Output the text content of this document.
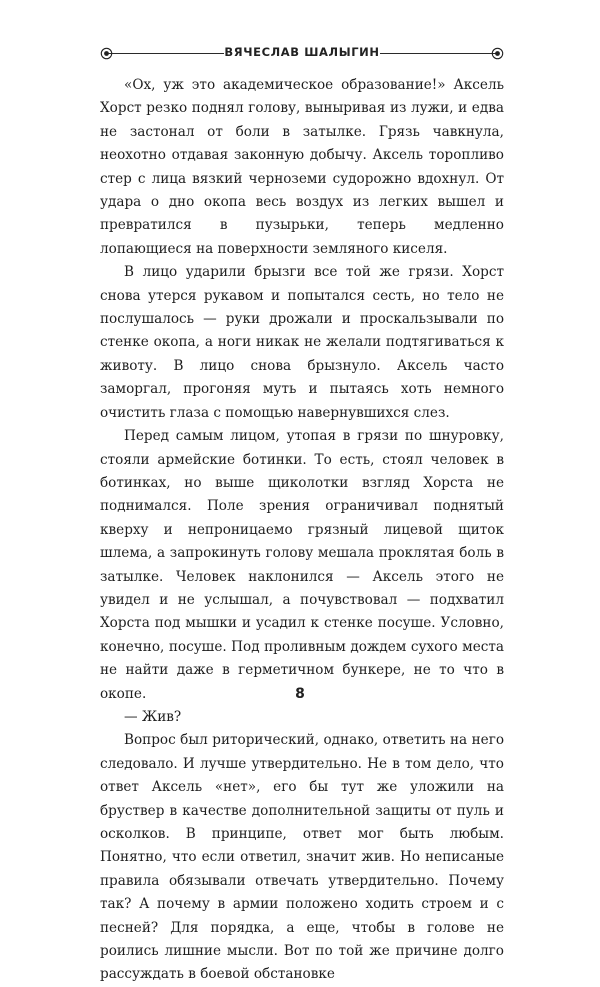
ВЯЧЕСЛАВ ШАЛЫГИН

«Ох, уж это академическое образование!» Аксель Хорст резко поднял голову, выныривая из лужи, и едва не застонал от боли в затылке. Грязь чавкнула, неохотно отдавая законную добычу. Аксель торопливо стер с лица вязкий черноземи судорожно вдохнул. От удара о дно окопа весь воздух из легких вышел и превратился в пузырьки, теперь медленно лопающиеся на поверхности земляного киселя.

В лицо ударили брызги все той же грязи. Хорст снова утерся рукавом и попытался сесть, но тело не послушалось — руки дрожали и проскальзывали по стенке окопа, а ноги никак не желали подтягиваться к животу. В лицо снова брызнуло. Аксель часто заморгал, прогоняя муть и пытаясь хоть немного очистить глаза с помощью навернувшихся слез.

Перед самым лицом, утопая в грязи по шнуровку, стояли армейские ботинки. То есть, стоял человек в ботинках, но выше щиколотки взгляд Хорста не поднимался. Поле зрения ограничивал поднятый кверху и непроницаемо грязный лицевой щиток шлема, а запрокинуть голову мешала проклятая боль в затылке. Человек наклонился — Аксель этого не увидел и не услышал, а почувствовал — подхватил Хорста под мышки и усадил к стенке посуше. Условно, конечно, посуше. Под проливным дождем сухого места не найти даже в герметичном бункере, не то что в окопе.

— Жив?

Вопрос был риторический, однако, ответить на него следовало. И лучше утвердительно. Не в том дело, что ответ Аксель «нет», его бы тут же уложили на бруствер в качестве дополнительной защиты от пуль и осколков. В принципе, ответ мог быть любым. Понятно, что если ответил, значит жив. Но неписаные правила обязывали отвечать утвердительно. Почему так? А почему в армии положено ходить строем и с песней? Для порядка, а еще, чтобы в голове не роились лишние мысли. Вот по той же причине долго рассуждать в боевой обстановке

8
